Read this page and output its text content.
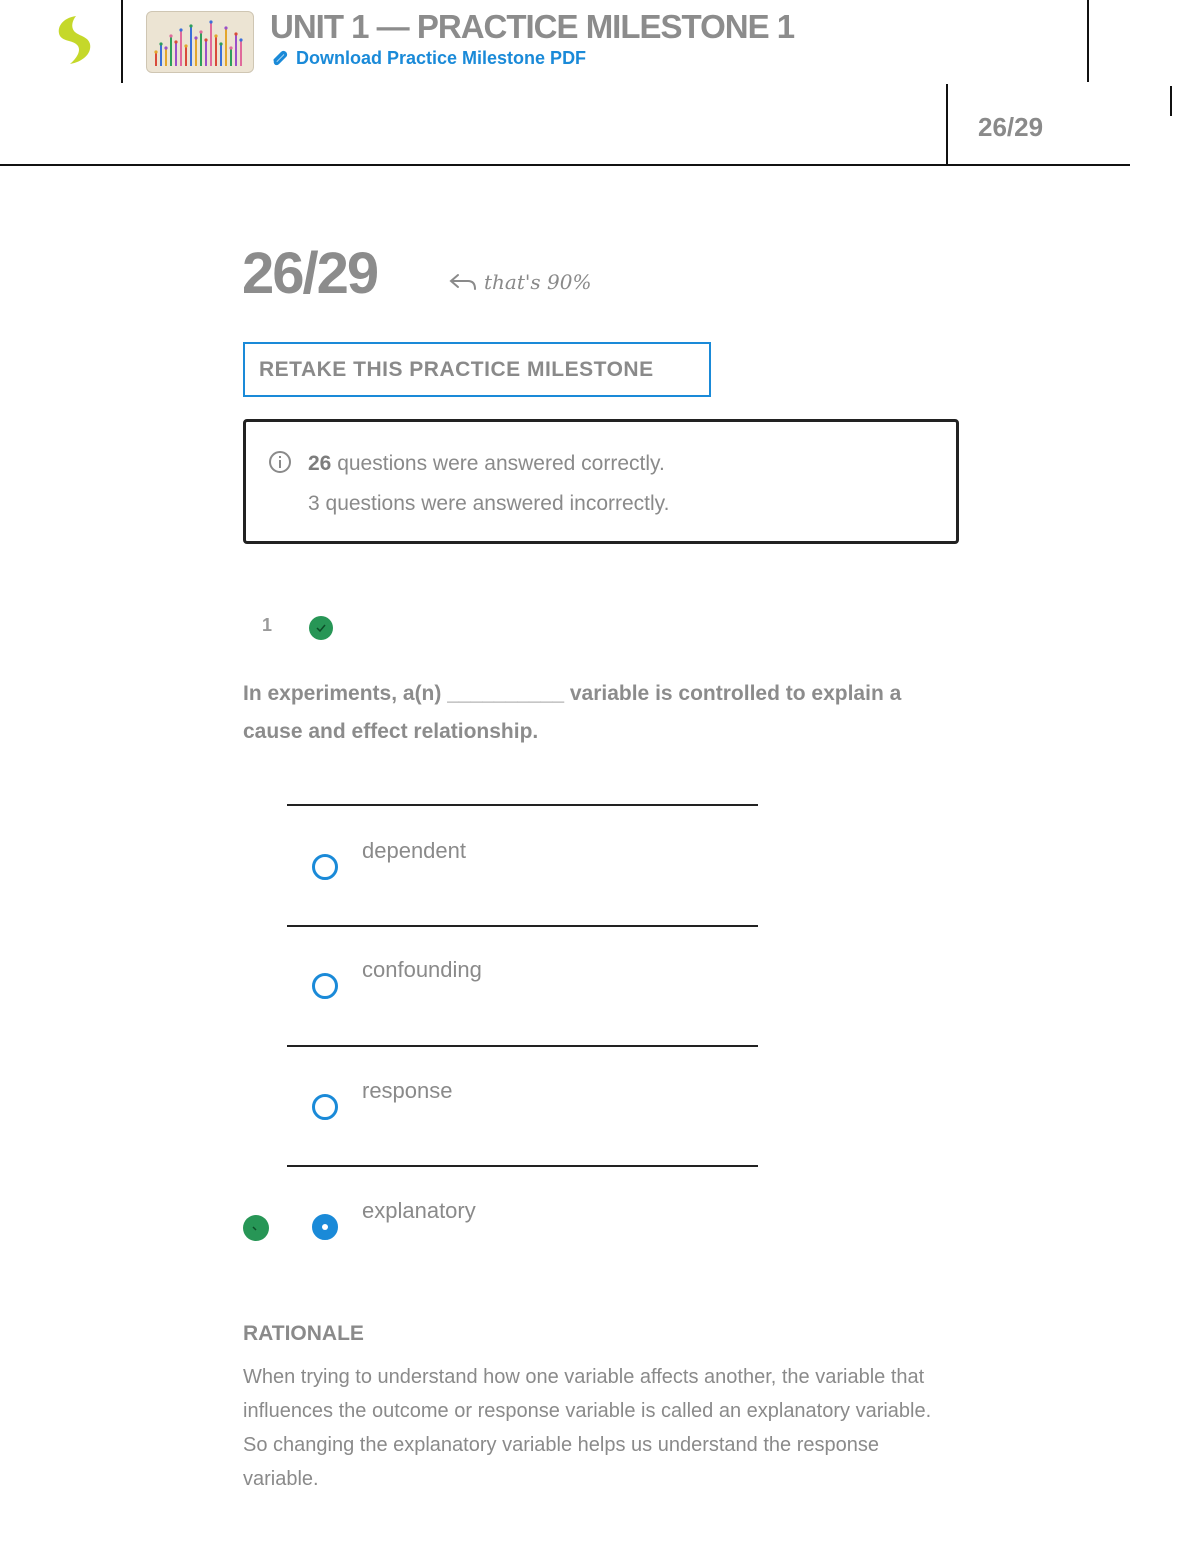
UNIT 1 — PRACTICE MILESTONE 1
Download Practice Milestone PDF
26/29
26/29	that's 90%
RETAKE THIS PRACTICE MILESTONE
26 questions were answered correctly.
3 questions were answered incorrectly.
1
In experiments, a(n) __________ variable is controlled to explain a cause and effect relationship.
dependent
confounding
response
explanatory
RATIONALE
When trying to understand how one variable affects another, the variable that influences the outcome or response variable is called an explanatory variable. So changing the explanatory variable helps us understand the response variable.
